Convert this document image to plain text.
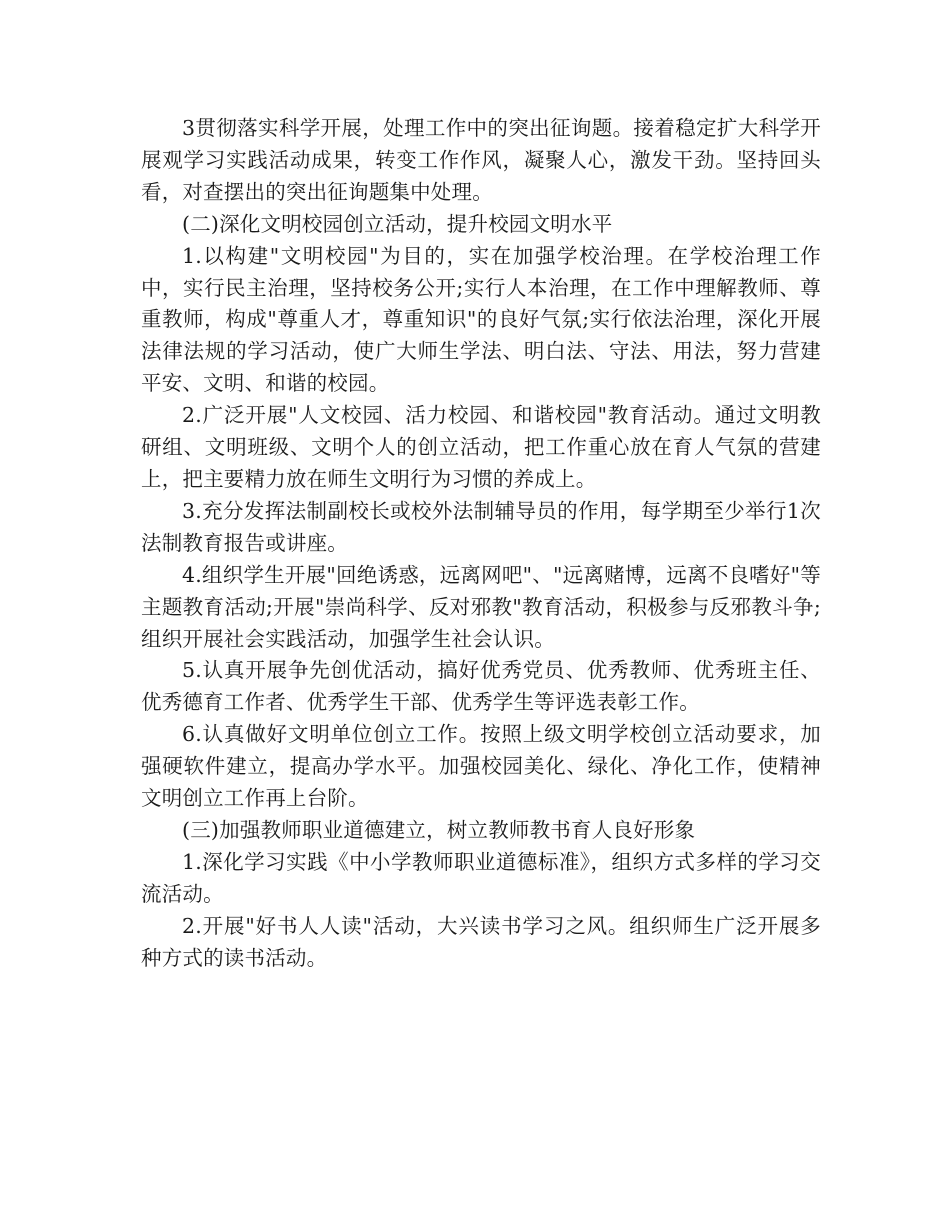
3贯彻落实科学开展，处理工作中的突出征询题。接着稳定扩大科学开展观学习实践活动成果，转变工作作风，凝聚人心，激发干劲。坚持回头看，对查摆出的突出征询题集中处理。

(二)深化文明校园创立活动，提升校园文明水平

1.以构建"文明校园"为目的，实在加强学校治理。在学校治理工作中，实行民主治理，坚持校务公开;实行人本治理，在工作中理解教师、尊重教师，构成"尊重人才，尊重知识"的良好气氛;实行依法治理，深化开展法律法规的学习活动，使广大师生学法、明白法、守法、用法，努力营建平安、文明、和谐的校园。

2.广泛开展"人文校园、活力校园、和谐校园"教育活动。通过文明教研组、文明班级、文明个人的创立活动，把工作重心放在育人气氛的营建上，把主要精力放在师生文明行为习惯的养成上。

3.充分发挥法制副校长或校外法制辅导员的作用，每学期至少举行1次法制教育报告或讲座。

4.组织学生开展"回绝诱惑，远离网吧"、"远离赌博，远离不良嗜好"等主题教育活动;开展"崇尚科学、反对邪教"教育活动，积极参与反邪教斗争;组织开展社会实践活动，加强学生社会认识。

5.认真开展争先创优活动，搞好优秀党员、优秀教师、优秀班主任、优秀德育工作者、优秀学生干部、优秀学生等评选表彰工作。

6.认真做好文明单位创立工作。按照上级文明学校创立活动要求，加强硬软件建立，提高办学水平。加强校园美化、绿化、净化工作，使精神文明创立工作再上台阶。

(三)加强教师职业道德建立，树立教师教书育人良好形象

1.深化学习实践《中小学教师职业道德标准》，组织方式多样的学习交流活动。

2.开展"好书人人读"活动，大兴读书学习之风。组织师生广泛开展多种方式的读书活动。
